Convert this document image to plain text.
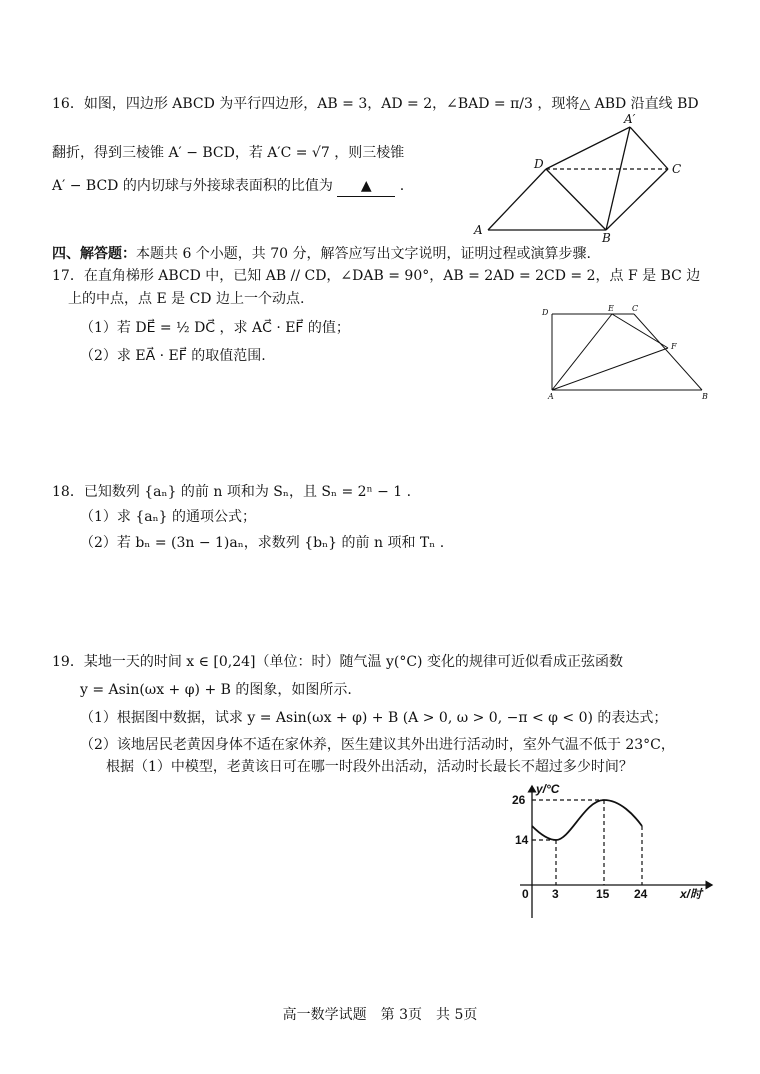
16．如图，四边形 ABCD 为平行四边形，AB = 3，AD = 2，∠BAD = π/3 ，现将△ ABD 沿直线 BD
翻折，得到三棱锥 A′ − BCD，若 A′C = √7 ，则三棱锥
A′ − BCD 的内切球与外接球表面积的比值为 ▲ .
A
B
C
D
A′
四、解答题：本题共 6 个小题，共 70 分，解答应写出文字说明，证明过程或演算步骤.
17．在直角梯形 ABCD 中，已知 AB // CD，∠DAB = 90°，AB = 2AD = 2CD = 2，点 F 是 BC 边
上的中点，点 E 是 CD 边上一个动点.
（1）若 DE⃗ = ½ DC⃗ ，求 AC⃗ · EF⃗ 的值；
（2）求 EA⃗ · EF⃗ 的取值范围.
D	E C
F
A	B
18．已知数列 {aₙ} 的前 n 项和为 Sₙ，且 Sₙ = 2ⁿ − 1 .
（1）求 {aₙ} 的通项公式；
（2）若 bₙ = (3n − 1)aₙ，求数列 {bₙ} 的前 n 项和 Tₙ .
19．某地一天的时间 x ∈ [0,24]（单位：时）随气温 y(°C) 变化的规律可近似看成正弦函数
y = Asin(ωx + φ) + B 的图象，如图所示.
（1）根据图中数据，试求 y = Asin(ωx + φ) + B (A > 0, ω > 0, −π < φ < 0) 的表达式；
（2）该地居民老黄因身体不适在家休养，医生建议其外出进行活动时，室外气温不低于 23°C，
根据（1）中模型，老黄该日可在哪一时段外出活动，活动时长最长不超过多少时间？
26
14
0 3	15 24
y/°C
x/时
高一数学试题　第 3页　共 5页
